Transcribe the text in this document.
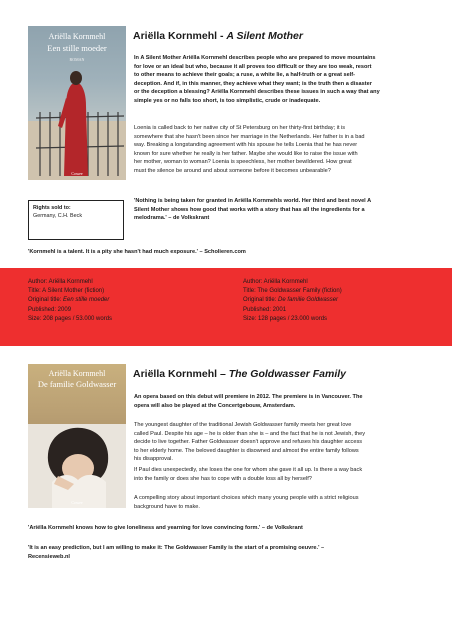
Ariëlla Kornmehl
Een stille moeder
ROMAN
Cossee
Rights sold to:
Germany, C.H. Beck
Ariëlla Kornmehl - A Silent Mother
In A Silent Mother Ariëlla Kornmehl describes people who are prepared to move mountains
for love or an ideal but who, because it all proves too difficult or they are too weak, resort
to other means to achieve their goals; a ruse, a white lie, a half-truth or a great self-
deception. And if, in this manner, they achieve what they want; is the truth then a disaster
or the deception a blessing? Ariëlla Kornmehl describes these issues in such a way that any
simple yes or no falls too short, is too simplistic, crude or inadequate.
Loenia is called back to her native city of St Petersburg on her thirty-first birthday; it is
somewhere that she hasn't been since her marriage in the Netherlands. Her father is in a bad
way. Breaking a longstanding agreement with his spouse he tells Loenia that he has never
known for sure whether he really is her father. Maybe she would like to raise the issue with
her mother, woman to woman? Loenia is speechless, her mother bewildered. How great
must the silence be around and about someone before it becomes unbearable?
'Nothing is being taken for granted in Ariëlla Kornmehls world. Her third and best novel A
Silent Mother shows how good that works with a story that has all the ingredients for a
melodrama.' – de Volkskrant
'Kornmehl is a talent. It is a pity she hasn't had much exposure.' – Scholieren.com
Author: Ariëlla Kornmehl
Title: A Silent Mother (fiction)
Original title: Een stille moeder
Published: 2009
Size: 208 pages / 53.000 words
Author: Ariëlla Kornmehl
Title: The Goldwasser Family (fiction)
Original title: De familie Goldwasser
Published: 2001
Size: 128 pages / 23.000 words
Ariëlla Kornmehl
De familie Goldwasser
Cossee
Ariëlla Kornmehl – The Goldwasser Family
An opera based on this debut will premiere in 2012. The premiere is in Vancouver. The
opera will also be played at the Concertgebouw, Amsterdam.
The youngest daughter of the traditional Jewish Goldwasser family meets her great love
called Paul. Despite his age – he is older than she is – and the fact that he is not Jewish, they
decide to live together. Father Goldwasser doesn't approve and refuses his daughter access
to her elderly home. The beloved daughter is disowned and almost the entire family follows
his disapproval.
If Paul dies unexpectedly, she loses the one for whom she gave it all up. Is there a way back
into the family or does she has to cope with a double loss all by herself?
A compelling story about important choices which many young people with a strict religious
background have to make.
'Ariëlla Kornmehl knows how to give loneliness and yearning for love convincing form.' – de Volkskrant
'It is an easy prediction, but I am willing to make it: The Goldwasser Family is the start of a promising oeuvre.' –
Recensieweb.nl
